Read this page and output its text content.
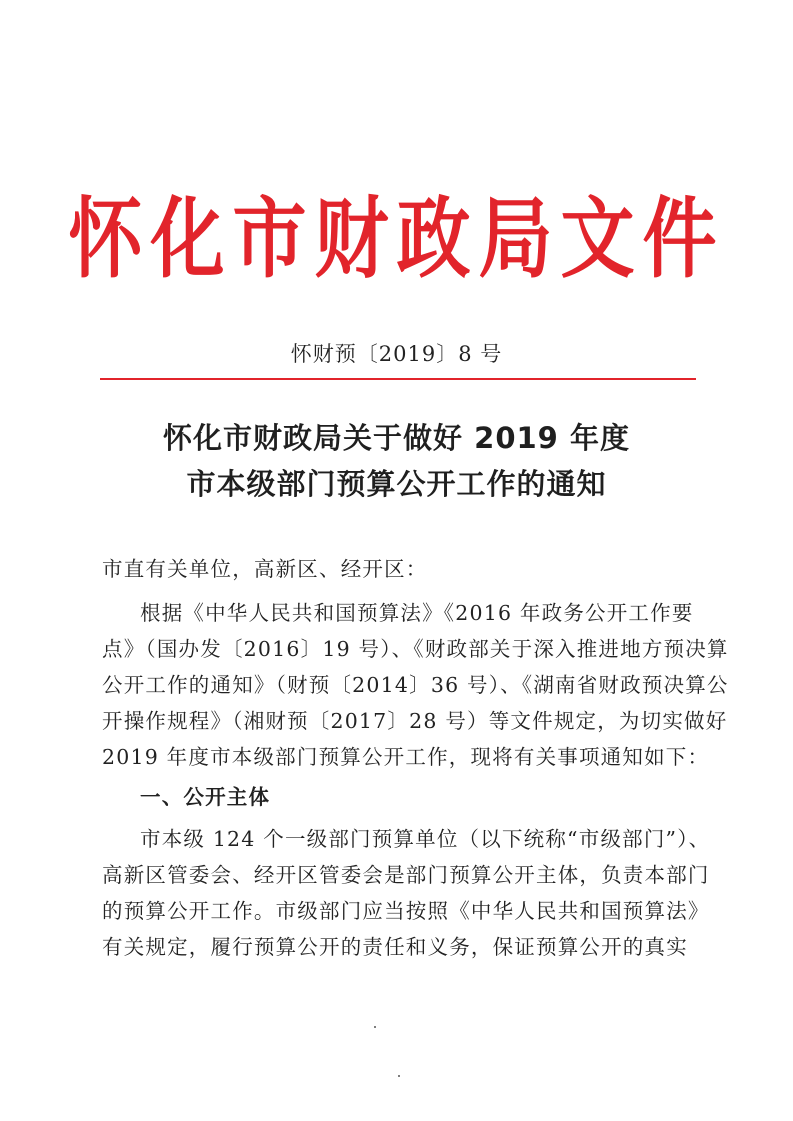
怀化市财政局文件
怀财预〔2019〕8 号
怀化市财政局关于做好 2019 年度
市本级部门预算公开工作的通知
市直有关单位，高新区、经开区：
根据《中华人民共和国预算法》《2016 年政务公开工作要
点》（国办发〔2016〕19 号）、《财政部关于深入推进地方预决算
公开工作的通知》（财预〔2014〕36 号）、《湖南省财政预决算公
开操作规程》（湘财预〔2017〕28 号）等文件规定，为切实做好
2019 年度市本级部门预算公开工作，现将有关事项通知如下：
一、公开主体
市本级 124 个一级部门预算单位（以下统称“市级部门”）、
高新区管委会、经开区管委会是部门预算公开主体，负责本部门
的预算公开工作。市级部门应当按照《中华人民共和国预算法》
有关规定，履行预算公开的责任和义务，保证预算公开的真实
